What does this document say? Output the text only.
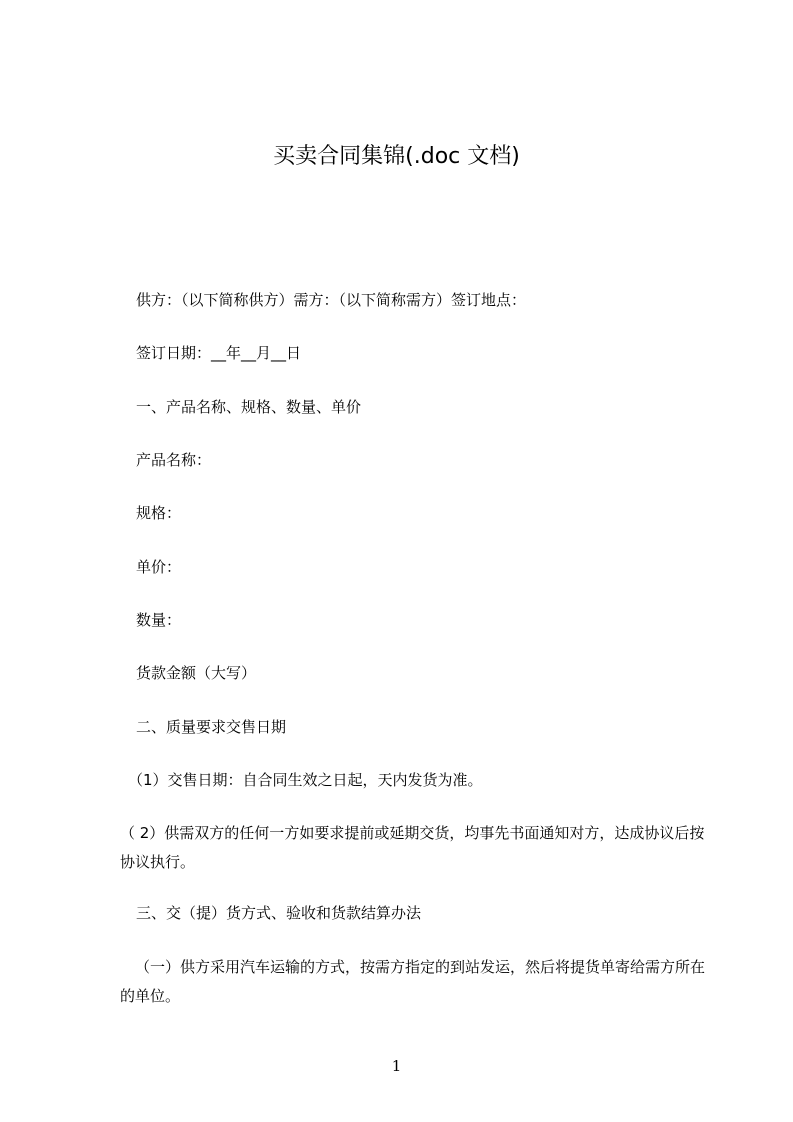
买卖合同集锦(.doc 文档)
供方：（以下简称供方）需方：（以下简称需方）签订地点：
签订日期：__年__月__日
一、产品名称、规格、数量、单价
产品名称：
规格：
单价：
数量：
货款金额（大写）
二、质量要求交售日期
（1）交售日期：自合同生效之日起，天内发货为准。
（ 2）供需双方的任何一方如要求提前或延期交货，均事先书面通知对方，达成协议后按协议执行。
三、交（提）货方式、验收和货款结算办法
（一）供方采用汽车运输的方式，按需方指定的到站发运，然后将提货单寄给需方所在的单位。
1
